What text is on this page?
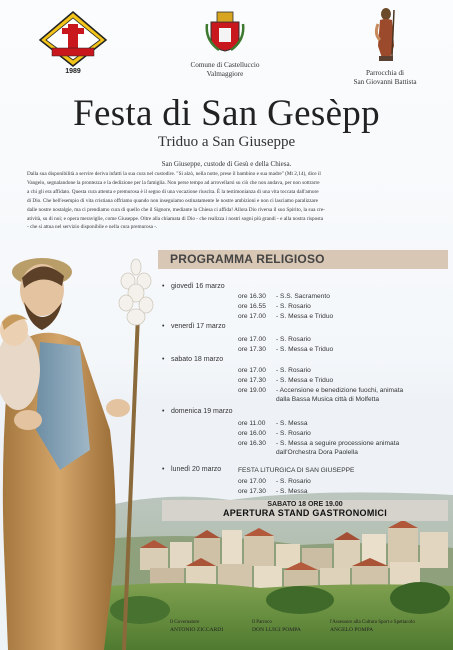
1989
Comune di Castelluccio
Valmaggiore	Parrocchia di
San Giovanni Battista
Festa di San Gesèpp
Triduo a San Giuseppe
San Giuseppe, custode di Gesù e della Chiesa.
Dalla sua disponibilità a servire deriva infatti la sua cura nel custodire. "Si alzò, nella notte, prese il bambino e sua madre" (Mt 2,14), dice il
Vangelo, segnalandone la prontezza e la dedizione per la famiglia. Non perse tempo ad arrovellarsi su ciò che non andava, per non sottrarre
a chi gli era affidato. Questa cura attenta e premurosa è il segno di una vocazione riuscita. È la testimonianza di una vita toccata dall'amore
di Dio. Che bell'esempio di vita cristiana offriamo quando non inseguiamo ostinatamente le nostre ambizioni e non ci lasciamo paralizzare
dalle nostre nostalgie, ma ci prendiamo cura di quello che il Signore, mediante la Chiesa ci affida! Allora Dio riversa il suo Spirito, la sua cre-
atività, su di noi; e opera meraviglie, come Giuseppe. Oltre alla chiamata di Dio - che realizza i nostri sogni più grandi - e alla nostra risposta
- che si attua nel servizio disponibile e nella cura premurosa -.
PROGRAMMA RELIGIOSO
• giovedì 16 marzo
ore 16.30 - S.S. Sacramento
ore 16.55 - S. Rosario
ore 17.00 - S. Messa e Triduo
• venerdì 17 marzo
ore 17.00 - S. Rosario
ore 17.30 - S. Messa e Triduo
• sabato 18 marzo
ore 17.00 - S. Rosario
ore 17.30 - S. Messa e Triduo
ore 19.00 - Accensione e benedizione fuochi, animata
dalla Bassa Musica città di Molfetta
• domenica 19 marzo
ore 11.00 - S. Messa
ore 16.00 - S. Rosario
ore 16.30 - S. Messa a seguire processione animata
dall'Orchestra Dora Paolella
• lunedì 20 marzo	FESTA LITURGICA DI SAN GIUSEPPE
ore 17.00 - S. Rosario
ore 17.30 - S. Messa
SABATO 18 ORE 19.00
APERTURA STAND GASTRONOMICI
Il Governatore
ANTONIO ZICCARDI
Il Parroco
DON LUIGI POMPA
l'Assessore alla Cultura Sport e Spettacolo
ANGELO POMPA
